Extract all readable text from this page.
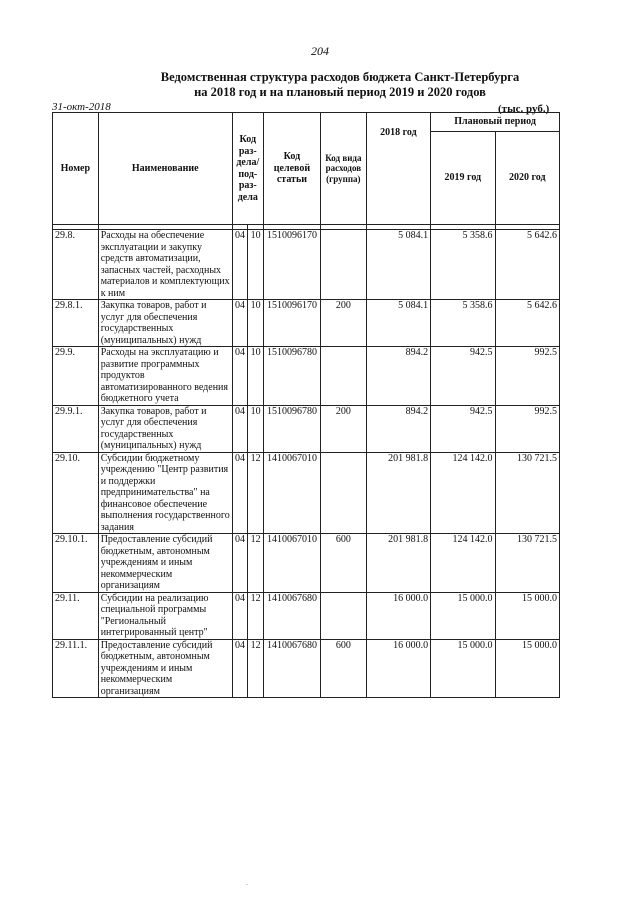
204
Ведомственная структура расходов бюджета Санкт-Петербурга
на 2018 год и на плановый период 2019 и 2020 годов
31-окт-2018	(тыс. руб.)
Номер	Наименование	Код раз-дела/ под-раз-дела		Код целевой статьи	Код вида расходов (группа)	2018 год	Плановый период	
							2019 год	2020 год

29.8.	Расходы на обеспечение эксплуатации и закупку средств автоматизации, запасных частей, расходных материалов и комплектующих к ним	04	10	1510096170		5 084.1	5 358.6	5 642.6
29.8.1.	Закупка товаров, работ и услуг для обеспечения государственных (муниципальных) нужд	04	10	1510096170	200	5 084.1	5 358.6	5 642.6
29.9.	Расходы на эксплуатацию и развитие программных продуктов автоматизированного ведения бюджетного учета	04	10	1510096780		894.2	942.5	992.5
29.9.1.	Закупка товаров, работ и услуг для обеспечения государственных (муниципальных) нужд	04	10	1510096780	200	894.2	942.5	992.5
29.10.	Субсидии бюджетному учреждению "Центр развития и поддержки предпринимательства" на финансовое обеспечение выполнения государственного задания	04	12	1410067010		201 981.8	124 142.0	130 721.5
29.10.1.	Предоставление субсидий бюджетным, автономным учреждениям и иным некоммерческим организациям	04	12	1410067010	600	201 981.8	124 142.0	130 721.5
29.11.	Субсидии на реализацию специальной программы "Региональный интегрированный центр"	04	12	1410067680		16 000.0	15 000.0	15 000.0
29.11.1.	Предоставление субсидий бюджетным, автономным учреждениям и иным некоммерческим организациям	04	12	1410067680	600	16 000.0	15 000.0	15 000.0
.
